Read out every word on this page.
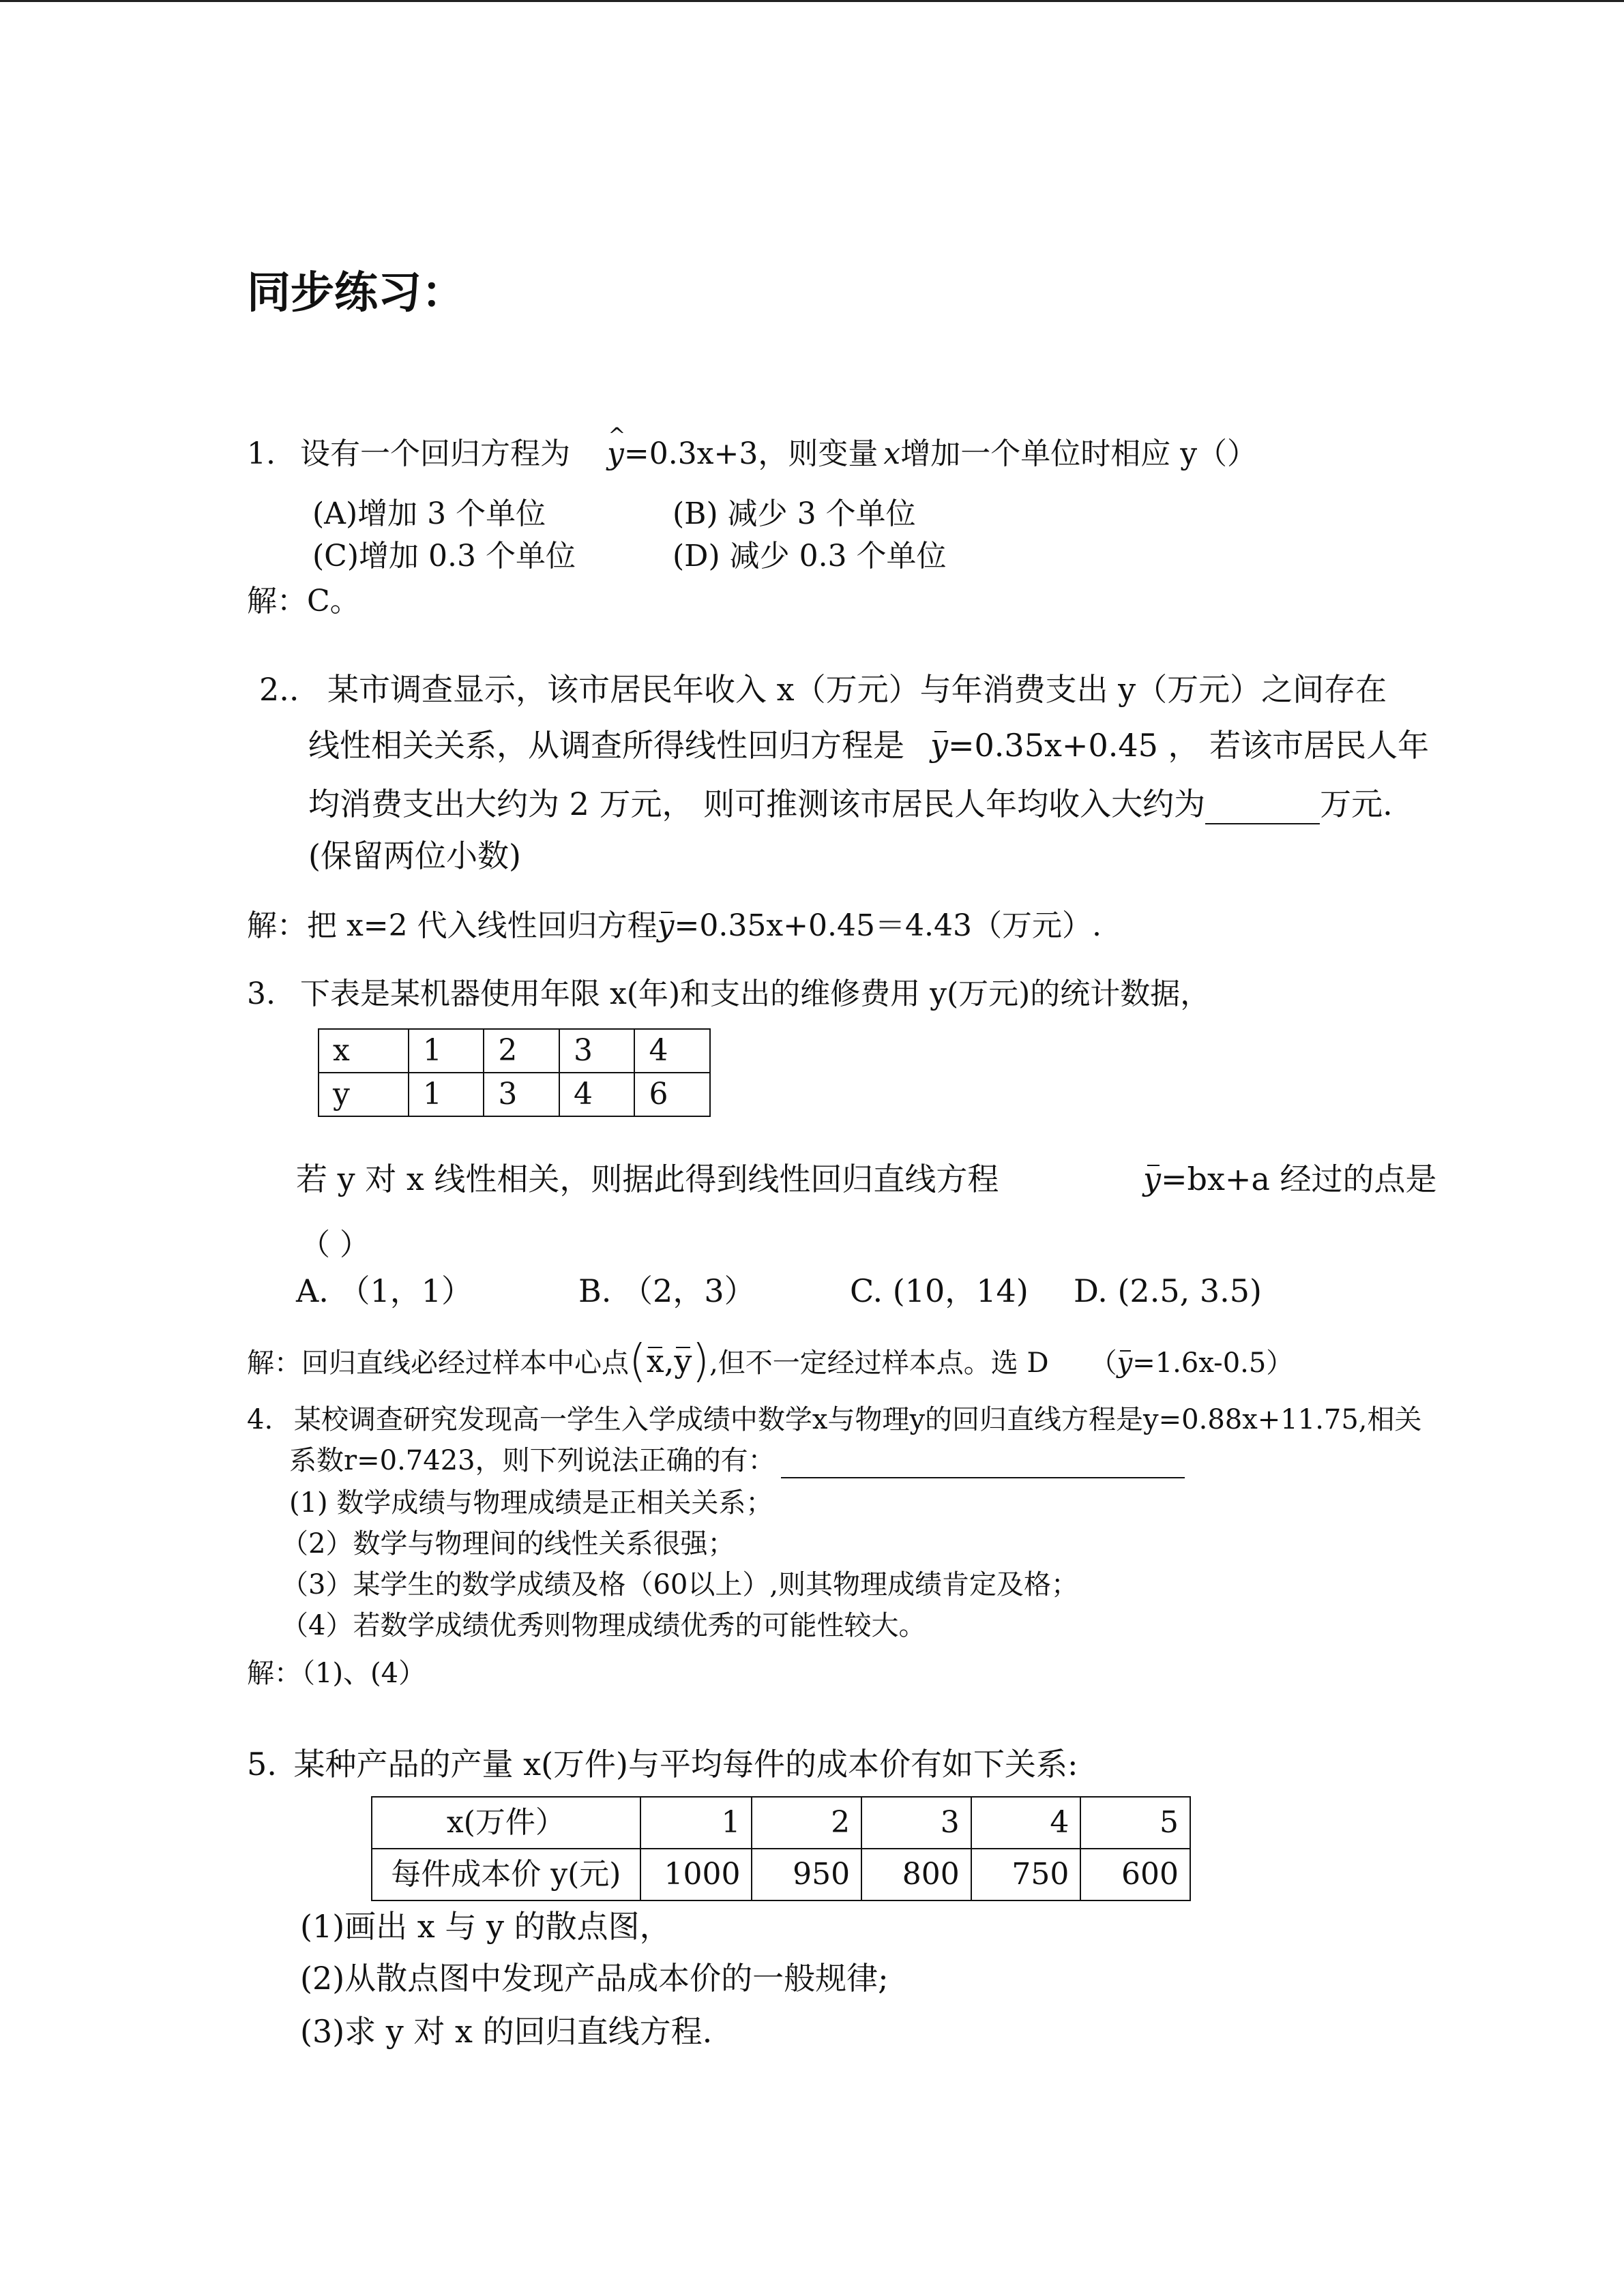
同步练习：
1. 设有一个回归方程为 ^ y=0.3x+3，则变量 x增加一个单位时相应 y（）
(A)增加 3 个单位	(B) 减少 3 个单位
(C)增加 0.3 个单位	(D) 减少 0.3 个单位
解：C。
2.. 某市调查显示，该市居民年收入 x（万元）与年消费支出 y（万元）之间存在
线性相关关系，从调查所得线性回归方程是 y=0.35x+0.45 ， 若该市居民人年
均消费支出大约为 2 万元， 则可推测该市居民人年均收入大约为	万元.
(保留两位小数)
解：把 x=2 代入线性回归方程y=0.35x+0.45＝4.43（万元）.
3. 下表是某机器使用年限 x(年)和支出的维修费用 y(万元)的统计数据，
x	1	2	3	4
y	1	3	4	6
若 y 对 x 线性相关，则据此得到线性回归直线方程	y=bx+a 经过的点是
（ ）
A. （1，1）	B. （2，3）	C. (10，14) D. (2.5, 3.5)
解：回归直线必经过样本中心点(x,y),但不一定经过样本点。选 D （y=1.6x-0.5）
4. 某校调查研究发现高一学生入学成绩中数学x与物理y的回归直线方程是y=0.88x+11.75,相关
系数r=0.7423，则下列说法正确的有：
(1) 数学成绩与物理成绩是正相关关系；
（2）数学与物理间的线性关系很强；
（3）某学生的数学成绩及格（60以上）,则其物理成绩肯定及格；
（4）若数学成绩优秀则物理成绩优秀的可能性较大。
解：（1)、(4）
5. 某种产品的产量 x(万件)与平均每件的成本价有如下关系:
x(万件）	1	2	3	4	5
每件成本价 y(元)	1000	950	800	750	600
(1)画出 x 与 y 的散点图，
(2)从散点图中发现产品成本价的一般规律;
(3)求 y 对 x 的回归直线方程.
